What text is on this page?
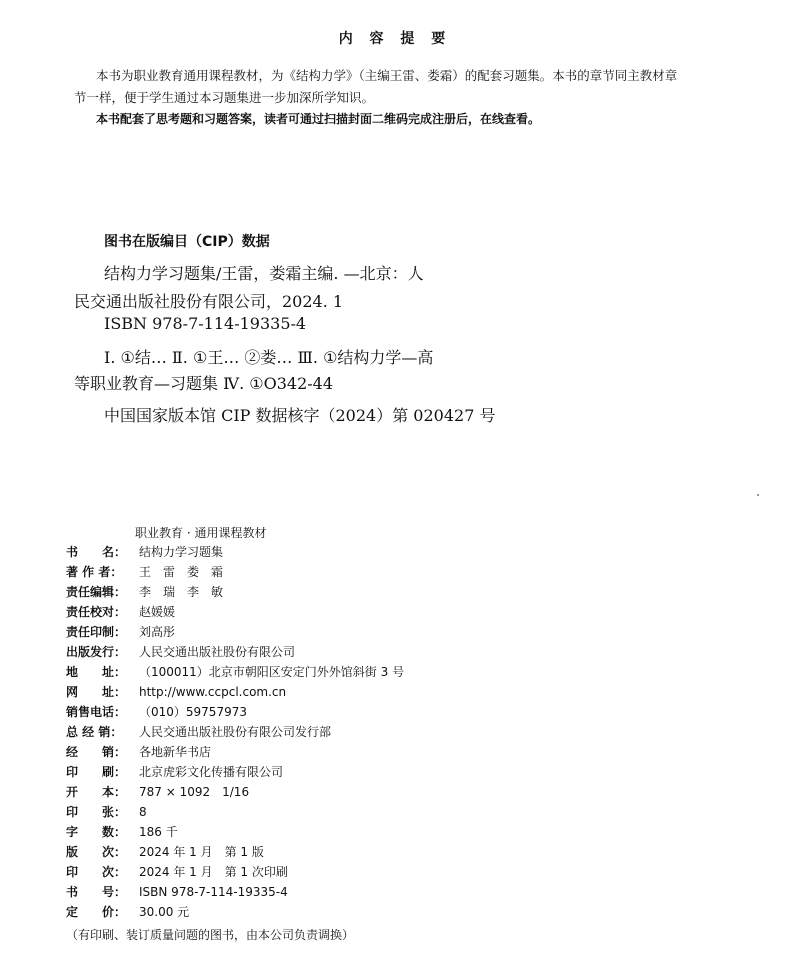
内 容 提 要
本书为职业教育通用课程教材，为《结构力学》（主编王雷、娄霜）的配套习题集。本书的章节同主教材章
节一样，便于学生通过本习题集进一步加深所学知识。
本书配套了思考题和习题答案，读者可通过扫描封面二维码完成注册后，在线查看。
图书在版编目（CIP）数据
结构力学习题集/王雷，娄霜主编. —北京：人
民交通出版社股份有限公司，2024. 1
ISBN 978-7-114-19335-4
Ⅰ. ①结… Ⅱ. ①王… ②娄… Ⅲ. ①结构力学—高
等职业教育—习题集 Ⅳ. ①O342-44
中国国家版本馆 CIP 数据核字（2024）第 020427 号
职业教育 · 通用课程教材
书　　名： 结构力学习题集
著 作 者： 王　雷　娄　霜
责任编辑： 李　瑞　李　敏
责任校对： 赵媛媛
责任印制： 刘高彤
出版发行： 人民交通出版社股份有限公司
地　　址： （100011）北京市朝阳区安定门外外馆斜街 3 号
网　　址： http://www.ccpcl.com.cn
销售电话： （010）59757973
总 经 销： 人民交通出版社股份有限公司发行部
经　　销： 各地新华书店
印　　刷： 北京虎彩文化传播有限公司
开　　本： 787 × 1092　1/16
印　　张： 8
字　　数： 186 千
版　　次： 2024 年 1 月　第 1 版
印　　次： 2024 年 1 月　第 1 次印刷
书　　号： ISBN 978-7-114-19335-4
定　　价： 30.00 元
（有印刷、装订质量问题的图书，由本公司负责调换）
